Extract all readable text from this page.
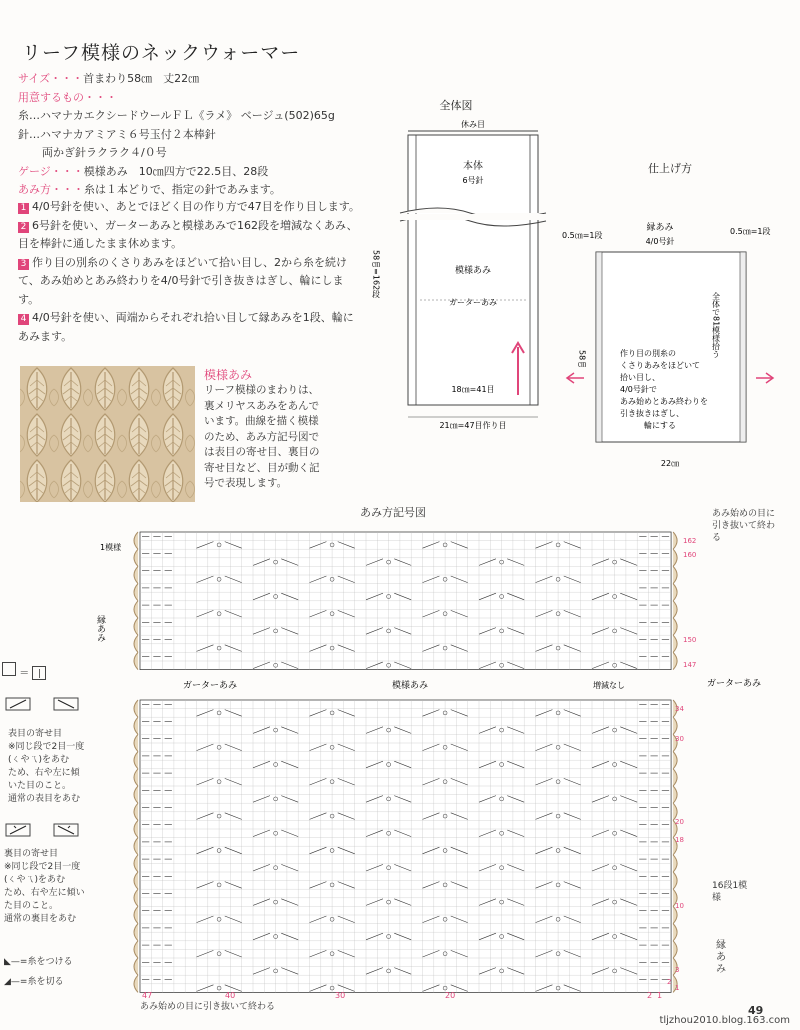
リーフ模様のネックウォーマー
サイズ・・・首まわり58㎝　丈22㎝
用意するもの・・・
糸…ハマナカエクシードウールＦＬ《ラメ》 ベージュ(502)65g
針…ハマナカアミアミ６号玉付２本棒針
両かぎ針ラクラク４/０号
ゲージ・・・模様あみ　10㎝四方で22.5目、28段
あみ方・・・糸は１本どりで、指定の針であみます。
1 4/0号針を使い、あとでほどく目の作り方で47目を作り目します。
2 6号針を使い、ガーターあみと模様あみで162段を増減なくあみ、目を棒針に通したまま休めます。
3 作り目の別糸のくさりあみをほどいて拾い目し、2から糸を続けて、あみ始めとあみ終わりを4/0号針で引き抜きはぎし、輪にします。
4 4/0号針を使い、両端からそれぞれ拾い目して縁あみを1段、輪にあみます。
模様あみ
リーフ模様のまわりは、裏メリヤスあみをあんでいます。曲線を描く模様のため、あみ方記号図では表目の寄せ目、裏目の寄せ目など、目が動く記号で表現します。
全体図
休み目
本体
6号針
模様あみ
ガーターあみ
58㎝=162段
18㎝=41目
21㎝=47目作り目
仕上げ方
縁あみ
4/0号針
0.5㎝=1段	0.5㎝=1段
58㎝
全体で81模様拾う
作り目の別糸の
くさりあみをほどいて
拾い目し、
4/0号針で
あみ始めとあみ終わりを
引き抜きはぎし、
輪にする
22㎝
あみ方記号図
1模様
縁あみ
162
160
150
147
あみ始めの目に引き抜いて終わる
ガーターあみ	模様あみ	増減なし	ガーターあみ
34
30
20
18
10
3
2
1
47	40	30	20	2 1
あみ始めの目に引き抜いて終わる
16段1模様
縁あみ
＝ |
表目の寄せ目
※同じ段で2目一度
(ㄑやㄟ)をあむ
ため、右や左に傾
いた目のこと。
通常の表目をあむ
裏目の寄せ目
※同じ段で2目一度
(ㄑやㄟ)をあむ
ため、右や左に傾い
た目のこと。
通常の裏目をあむ
◣—=糸をつける
◢—=糸を切る
49
tljzhou2010.blog.163.com
